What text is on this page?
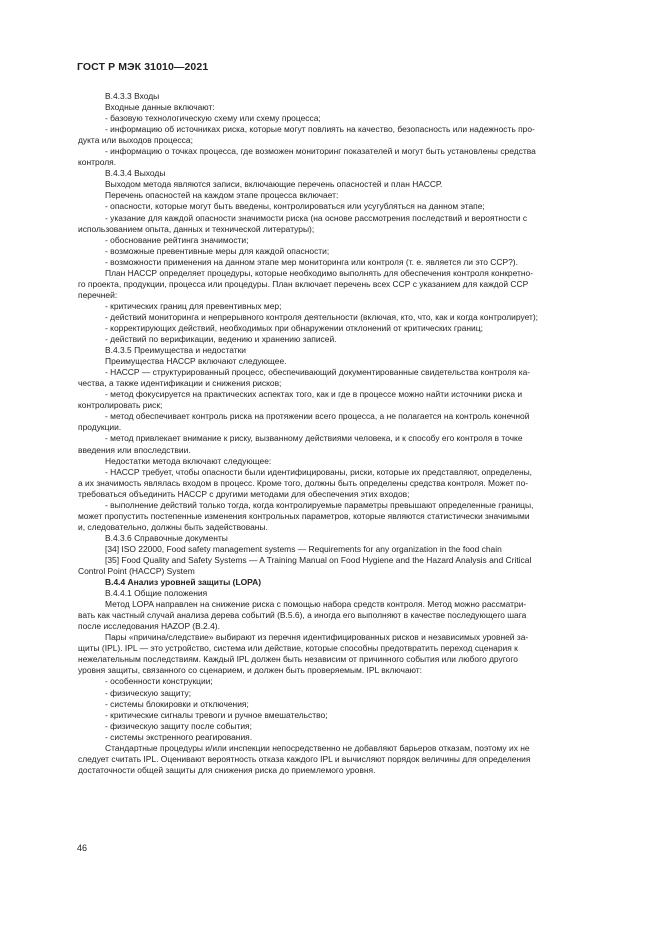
ГОСТ Р МЭК 31010—2021
B.4.3.3 Входы
Входные данные включают:
- базовую технологическую схему или схему процесса;
- информацию об источниках риска, которые могут повлиять на качество, безопасность или надежность про-
дукта или выходов процесса;
- информацию о точках процесса, где возможен мониторинг показателей и могут быть установлены средства
контроля.
B.4.3.4 Выходы
Выходом метода являются записи, включающие перечень опасностей и план НАССР.
Перечень опасностей на каждом этапе процесса включает:
- опасности, которые могут быть введены, контролироваться или усугубляться на данном этапе;
- указание для каждой опасности значимости риска (на основе рассмотрения последствий и вероятности с
использованием опыта, данных и технической литературы);
- обоснование рейтинга значимости;
- возможные превентивные меры для каждой опасности;
- возможности применения на данном этапе мер мониторинга или контроля (т. е. является ли это ССР?).
План НАССР определяет процедуры, которые необходимо выполнять для обеспечения контроля конкретно-
го проекта, продукции, процесса или процедуры. План включает перечень всех ССР с указанием для каждой ССР
перечней:
- критических границ для превентивных мер;
- действий мониторинга и непрерывного контроля деятельности (включая, кто, что, как и когда контролирует);
- корректирующих действий, необходимых при обнаружении отклонений от критических границ;
- действий по верификации, ведению и хранению записей.
B.4.3.5 Преимущества и недостатки
Преимущества НАССР включают следующее.
- НАССР — структурированный процесс, обеспечивающий документированные свидетельства контроля ка-
чества, а также идентификации и снижения рисков;
- метод фокусируется на практических аспектах того, как и где в процессе можно найти источники риска и
контролировать риск;
- метод обеспечивает контроль риска на протяжении всего процесса, а не полагается на контроль конечной
продукции.
- метод привлекает внимание к риску, вызванному действиями человека, и к способу его контроля в точке
введения или впоследствии.
Недостатки метода включают следующее:
- НАССР требует, чтобы опасности были идентифицированы, риски, которые их представляют, определены,
а их значимость являлась входом в процесс. Кроме того, должны быть определены средства контроля. Может по-
требоваться объединить НАССР с другими методами для обеспечения этих входов;
- выполнение действий только тогда, когда контролируемые параметры превышают определенные границы,
может пропустить постепенные изменения контрольных параметров, которые являются статистически значимыми
и, следовательно, должны быть задействованы.
B.4.3.6 Справочные документы
[34] ISO 22000, Food safety management systems — Requirements for any organization in the food chain
[35] Food Quality and Safety Systems — A Training Manual on Food Hygiene and the Hazard Analysis and Critical
Control Point (HACCP) System
B.4.4 Анализ уровней защиты (LOPA)
B.4.4.1 Общие положения
Метод LOPA направлен на снижение риска с помощью набора средств контроля. Метод можно рассматри-
вать как частный случай анализа дерева событий (B.5.6), а иногда его выполняют в качестве последующего шага
после исследования HAZOP (B.2.4).
Пары «причина/следствие» выбирают из перечня идентифицированных рисков и независимых уровней за-
щиты (IPL). IPL — это устройство, система или действие, которые способны предотвратить переход сценария к
нежелательным последствиям. Каждый IPL должен быть независим от причинного события или любого другого
уровня защиты, связанного со сценарием, и должен быть проверяемым. IPL включают:
- особенности конструкции;
- физическую защиту;
- системы блокировки и отключения;
- критические сигналы тревоги и ручное вмешательство;
- физическую защиту после события;
- системы экстренного реагирования.
Стандартные процедуры и/или инспекции непосредственно не добавляют барьеров отказам, поэтому их не
следует считать IPL. Оценивают вероятность отказа каждого IPL и вычисляют порядок величины для определения
достаточности общей защиты для снижения риска до приемлемого уровня.
46
